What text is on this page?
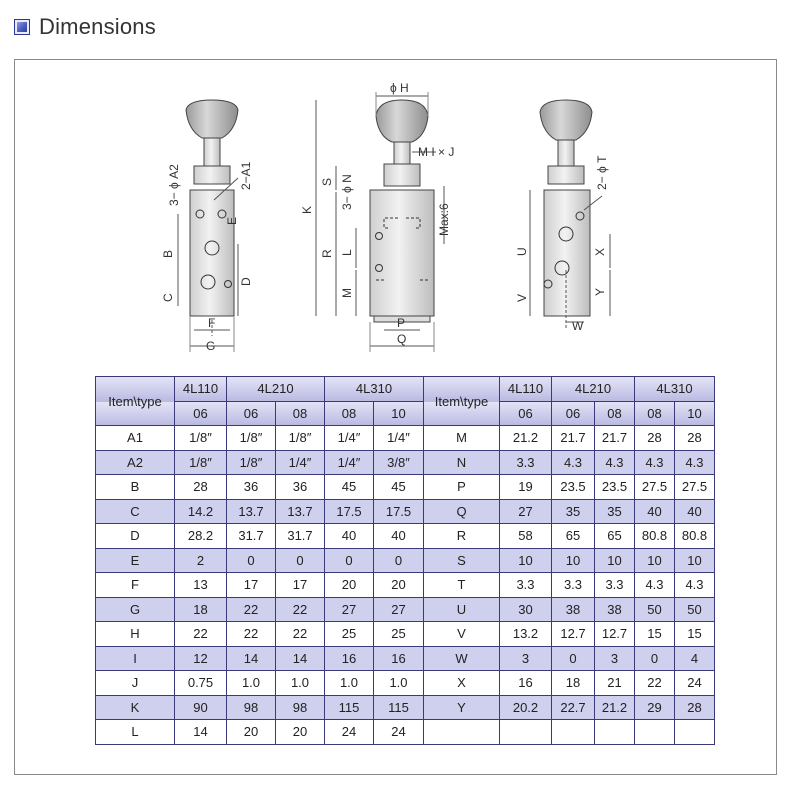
Dimensions
3− ϕ A2	2−A1
E
B
C
D
F
G
ϕ H
M I × J
K
S 3− ϕ N
R L
M
Max:6
P
Q
2− ϕ T
U
V
X
Y
W
Item\type	4L110	4L210		4L310		Item\type	4L110	4L210		4L310	
	06	06	08	08	10		06	06	08	08	10
A1	1/8″	1/8″	1/8″	1/4″	1/4″	M	21.2	21.7	21.7	28	28
A2	1/8″	1/8″	1/4″	1/4″	3/8″	N	3.3	4.3	4.3	4.3	4.3
B	28	36	36	45	45	P	19	23.5	23.5	27.5	27.5
C	14.2	13.7	13.7	17.5	17.5	Q	27	35	35	40	40
D	28.2	31.7	31.7	40	40	R	58	65	65	80.8	80.8
E	2	0	0	0	0	S	10	10	10	10	10
F	13	17	17	20	20	T	3.3	3.3	3.3	4.3	4.3
G	18	22	22	27	27	U	30	38	38	50	50
H	22	22	22	25	25	V	13.2	12.7	12.7	15	15
I	12	14	14	16	16	W	3	0	3	0	4
J	0.75	1.0	1.0	1.0	1.0	X	16	18	21	22	24
K	90	98	98	115	115	Y	20.2	22.7	21.2	29	28
L	14	20	20	24	24						
